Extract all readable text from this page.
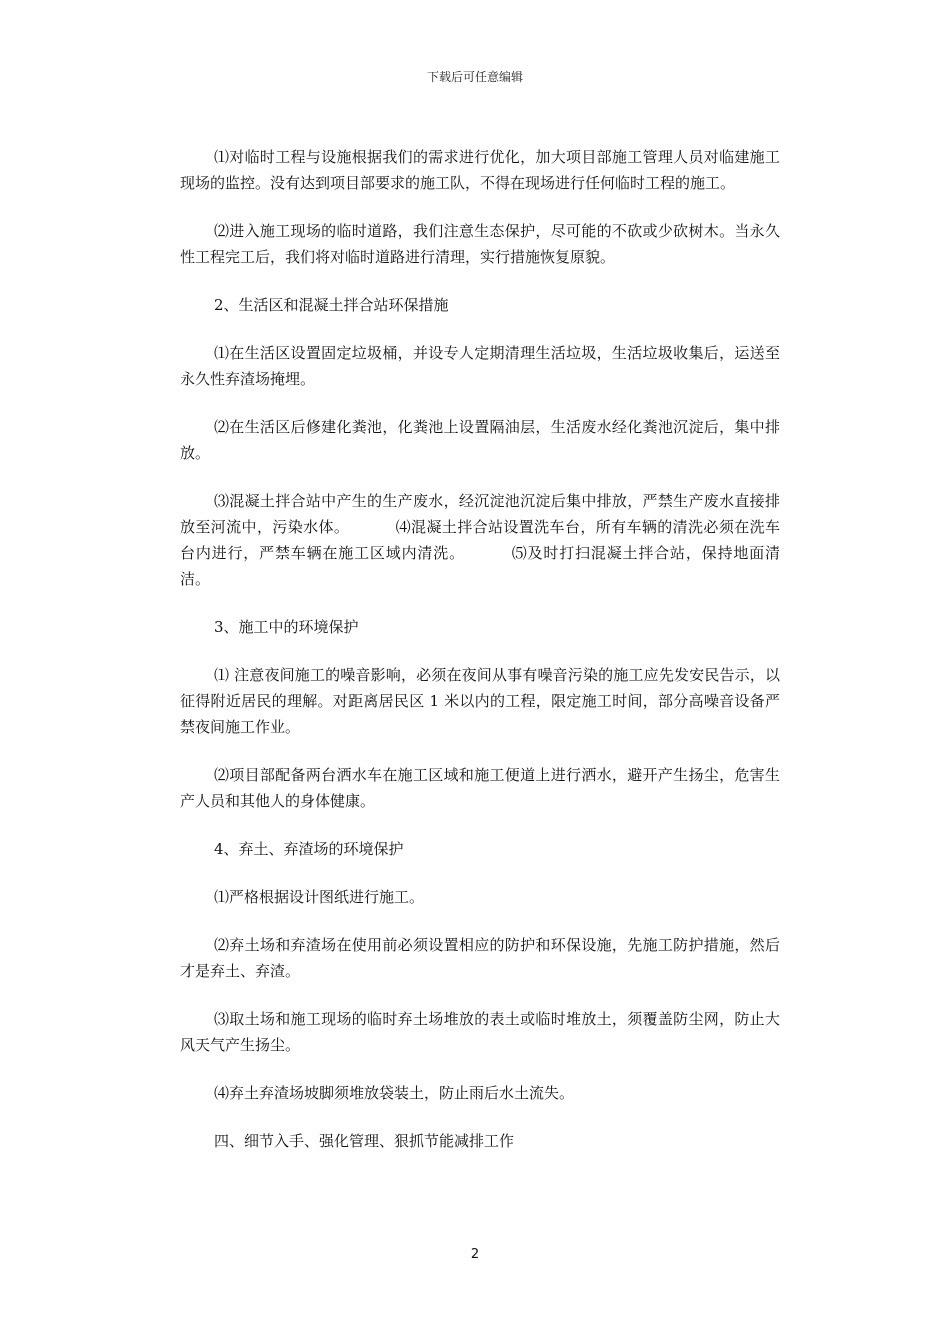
下载后可任意编辑

⑴对临时工程与设施根据我们的需求进行优化，加大项目部施工管理人员对临建施工现场的监控。没有达到项目部要求的施工队，不得在现场进行任何临时工程的施工。

⑵进入施工现场的临时道路，我们注意生态保护，尽可能的不砍或少砍树木。当永久性工程完工后，我们将对临时道路进行清理，实行措施恢复原貌。

2、生活区和混凝土拌合站环保措施

⑴在生活区设置固定垃圾桶，并设专人定期清理生活垃圾，生活垃圾收集后，运送至永久性弃渣场掩埋。

⑵在生活区后修建化粪池，化粪池上设置隔油层，生活废水经化粪池沉淀后，集中排放。

⑶混凝土拌合站中产生的生产废水，经沉淀池沉淀后集中排放，严禁生产废水直接排放至河流中，污染水体。	⑷混凝土拌合站设置洗车台，所有车辆的清洗必须在洗车台内进行，严禁车辆在施工区域内清洗。	⑸及时打扫混凝土拌合站，保持地面清洁。

3、施工中的环境保护

⑴ 注意夜间施工的噪音影响，必须在夜间从事有噪音污染的施工应先发安民告示，以征得附近居民的理解。对距离居民区 1 米以内的工程，限定施工时间，部分高噪音设备严禁夜间施工作业。

⑵项目部配备两台洒水车在施工区域和施工便道上进行洒水，避开产生扬尘，危害生产人员和其他人的身体健康。

4、弃土、弃渣场的环境保护

⑴严格根据设计图纸进行施工。

⑵弃土场和弃渣场在使用前必须设置相应的防护和环保设施，先施工防护措施，然后才是弃土、弃渣。

⑶取土场和施工现场的临时弃土场堆放的表土或临时堆放土，须覆盖防尘网，防止大风天气产生扬尘。

⑷弃土弃渣场坡脚须堆放袋装土，防止雨后水土流失。

四、细节入手、强化管理、狠抓节能减排工作

2
